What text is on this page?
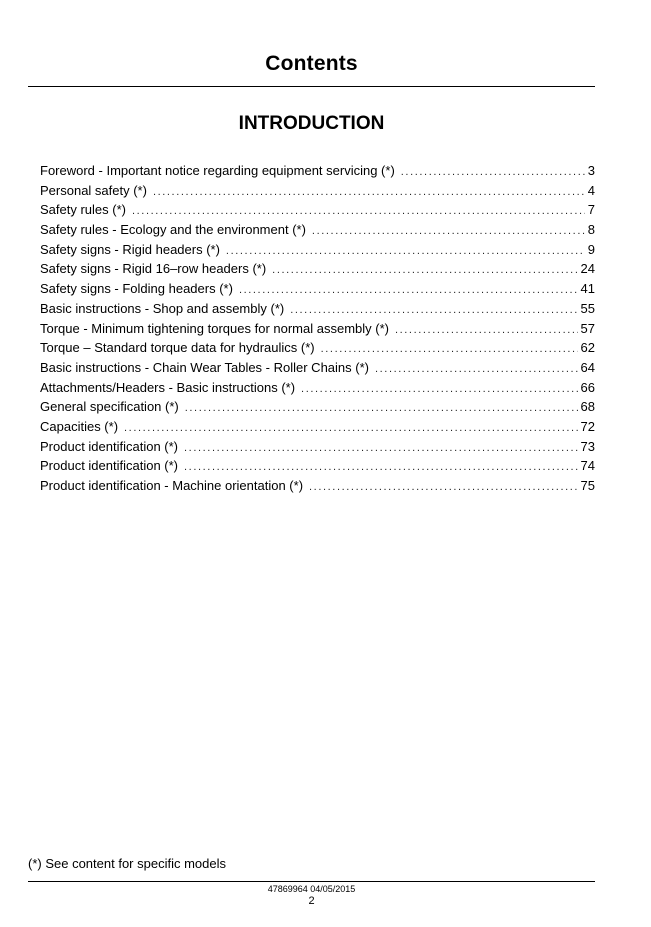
Contents
INTRODUCTION
Foreword - Important notice regarding equipment servicing (*) .....	3
Personal safety (*) .....	4
Safety rules (*) .....	7
Safety rules - Ecology and the environment (*) .....	8
Safety signs - Rigid headers (*) .....	9
Safety signs - Rigid 16–row headers (*) .....	24
Safety signs - Folding headers (*) .....	41
Basic instructions - Shop and assembly (*) .....	55
Torque - Minimum tightening torques for normal assembly (*) .....	57
Torque – Standard torque data for hydraulics (*) .....	62
Basic instructions - Chain Wear Tables - Roller Chains (*) .....	64
Attachments/Headers - Basic instructions (*) .....	66
General specification (*) .....	68
Capacities (*) .....	72
Product identification (*) .....	73
Product identification (*) .....	74
Product identification - Machine orientation (*) .....	75
(*) See content for specific models
47869964 04/05/2015
2
